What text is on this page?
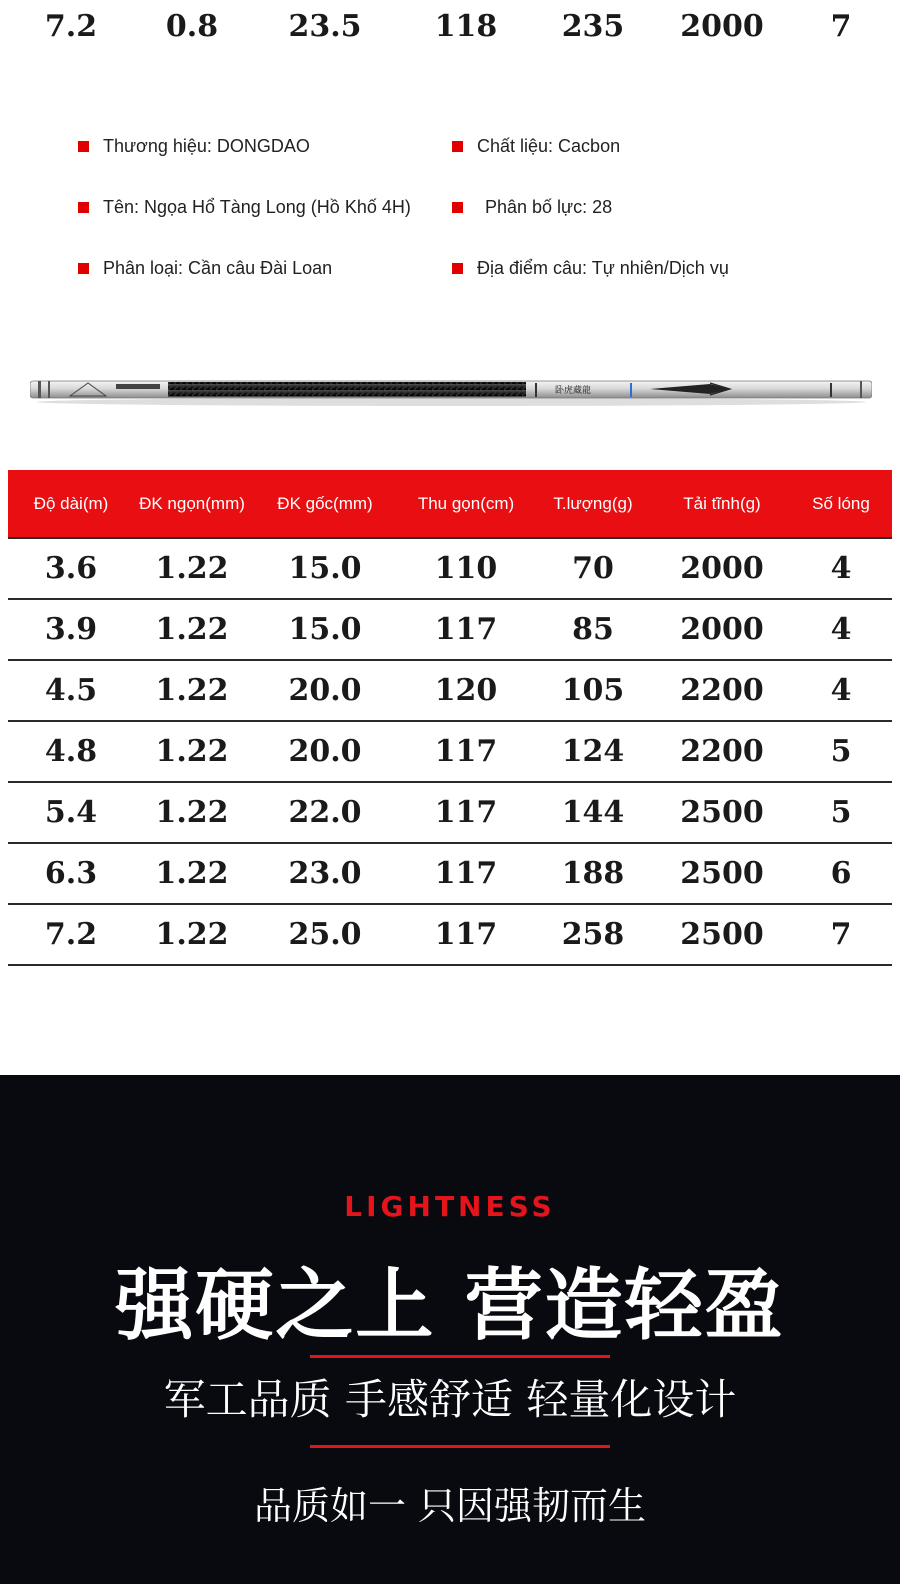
7.2	0.8	23.5	118	235	2000	7
Thương hiệu: DONGDAO	Chất liệu: Cacbon
Tên: Ngọa Hổ Tàng Long (Hồ Khố 4H)	Phân bố lực: 28
Phân loại: Cần câu Đài Loan	Địa điểm câu: Tự nhiên/Dịch vụ
卧虎藏龍
Độ dài(m)	ĐK ngọn(mm)	ĐK gốc(mm)	Thu gọn(cm)	T.lượng(g)	Tải tĩnh(g)	Số lóng
3.6	1.22	15.0	110	70	2000	4
3.9	1.22	15.0	117	85	2000	4
4.5	1.22	20.0	120	105	2200	4
4.8	1.22	20.0	117	124	2200	5
5.4	1.22	22.0	117	144	2500	5
6.3	1.22	23.0	117	188	2500	6
7.2	1.22	25.0	117	258	2500	7
LIGHTNESS
强硬之上 营造轻盈
军工品质 手感舒适 轻量化设计
品质如一 只因强韧而生
